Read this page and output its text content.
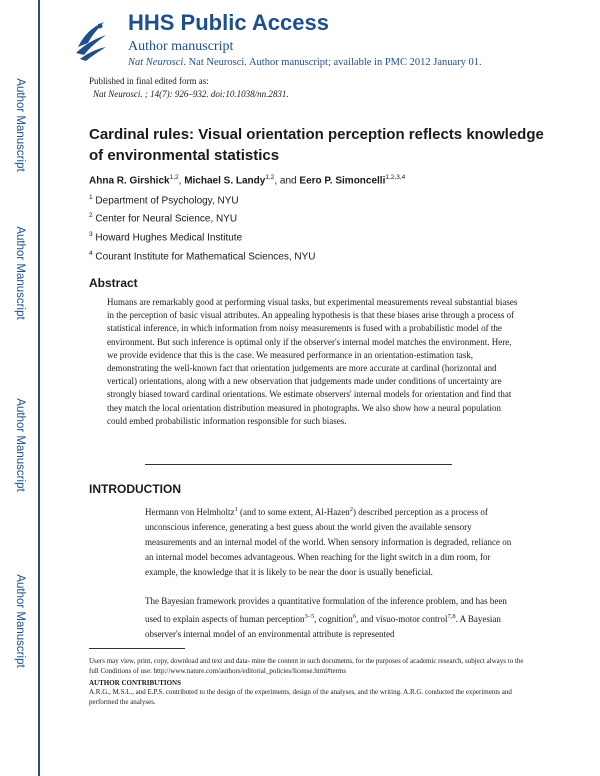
Author Manuscript
Author Manuscript
Author Manuscript
Author Manuscript
HHS Public Access
Author manuscript
Nat Neurosci. Nat Neurosci. Author manuscript; available in PMC 2012 January 01.
Published in final edited form as:
Nat Neurosci. ; 14(7): 926–932. doi:10.1038/nn.2831.
Cardinal rules: Visual orientation perception reflects knowledge of environmental statistics
Ahna R. Girshick$^{1,2}$, Michael S. Landy$^{1,2}$, and Eero P. Simoncelli$^{1,2,3,4}$
$^1$ Department of Psychology, NYU
$^2$ Center for Neural Science, NYU
$^3$ Howard Hughes Medical Institute
$^4$ Courant Institute for Mathematical Sciences, NYU
Abstract
Humans are remarkably good at performing visual tasks, but experimental measurements reveal substantial biases in the perception of basic visual attributes. An appealing hypothesis is that these biases arise through a process of statistical inference, in which information from noisy measurements is fused with a probabilistic model of the environment. But such inference is optimal only if the observer's internal model matches the environment. Here, we provide evidence that this is the case. We measured performance in an orientation-estimation task, demonstrating the well-known fact that orientation judgements are more accurate at cardinal (horizontal and vertical) orientations, along with a new observation that judgements made under conditions of uncertainty are strongly biased toward cardinal orientations. We estimate observers' internal models for orientation and find that they match the local orientation distribution measured in photographs. We also show how a neural population could embed probabilistic information responsible for such biases.
INTRODUCTION
Hermann von Helmholtz$^1$ (and to some extent, Al-Hazen$^2$) described perception as a process of unconscious inference, generating a best guess about the world given the available sensory measurements and an internal model of the world. When sensory information is degraded, reliance on an internal model becomes advantageous. When reaching for the light switch in a dim room, for example, the knowledge that it is likely to be near the door is usually beneficial.
The Bayesian framework provides a quantitative formulation of the inference problem, and has been used to explain aspects of human perception$^{3-5}$, cognition$^6$, and visuo-motor control$^{7,8}$. A Bayesian observer's internal model of an environmental attribute is represented
Users may view, print, copy, download and text and data- mine the content in such documents, for the purposes of academic research, subject always to the full Conditions of use: http://www.nature.com/authors/editorial_policies/license.html#terms
AUTHOR CONTRIBUTIONS
A.R.G., M.S.L., and E.P.S. contributed to the design of the experiments, design of the analyses, and the writing. A.R.G. conducted the experiments and performed the analyses.
